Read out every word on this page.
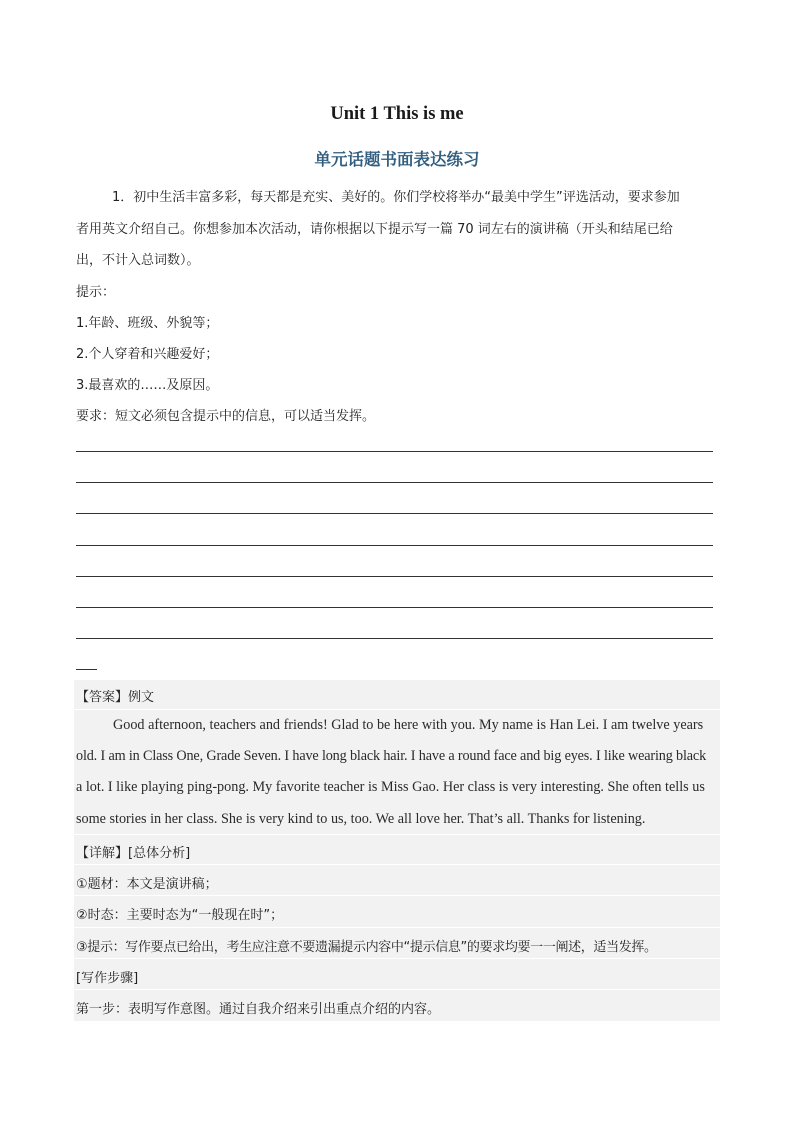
Unit 1 This is me
单元话题书面表达练习
1．初中生活丰富多彩，每天都是充实、美好的。你们学校将举办“最美中学生”评选活动，要求参加
者用英文介绍自己。你想参加本次活动，请你根据以下提示写一篇 70 词左右的演讲稿（开头和结尾已给
出，不计入总词数）。
提示：
1.年龄、班级、外貌等；
2.个人穿着和兴趣爱好；
3.最喜欢的……及原因。
要求：短文必须包含提示中的信息，可以适当发挥。
【答案】例文
Good afternoon, teachers and friends! Glad to be here with you. My name is Han Lei. I am twelve years
old. I am in Class One, Grade Seven. I have long black hair. I have a round face and big eyes. I like wearing black
a lot. I like playing ping-pong. My favorite teacher is Miss Gao. Her class is very interesting. She often tells us
some stories in her class. She is very kind to us, too. We all love her. That’s all. Thanks for listening.
【详解】[总体分析]
①题材：本文是演讲稿；
②时态：主要时态为“一般现在时”；
③提示：写作要点已给出，考生应注意不要遗漏提示内容中“提示信息”的要求均要一一阐述，适当发挥。
[写作步骤]
第一步：表明写作意图。通过自我介绍来引出重点介绍的内容。
